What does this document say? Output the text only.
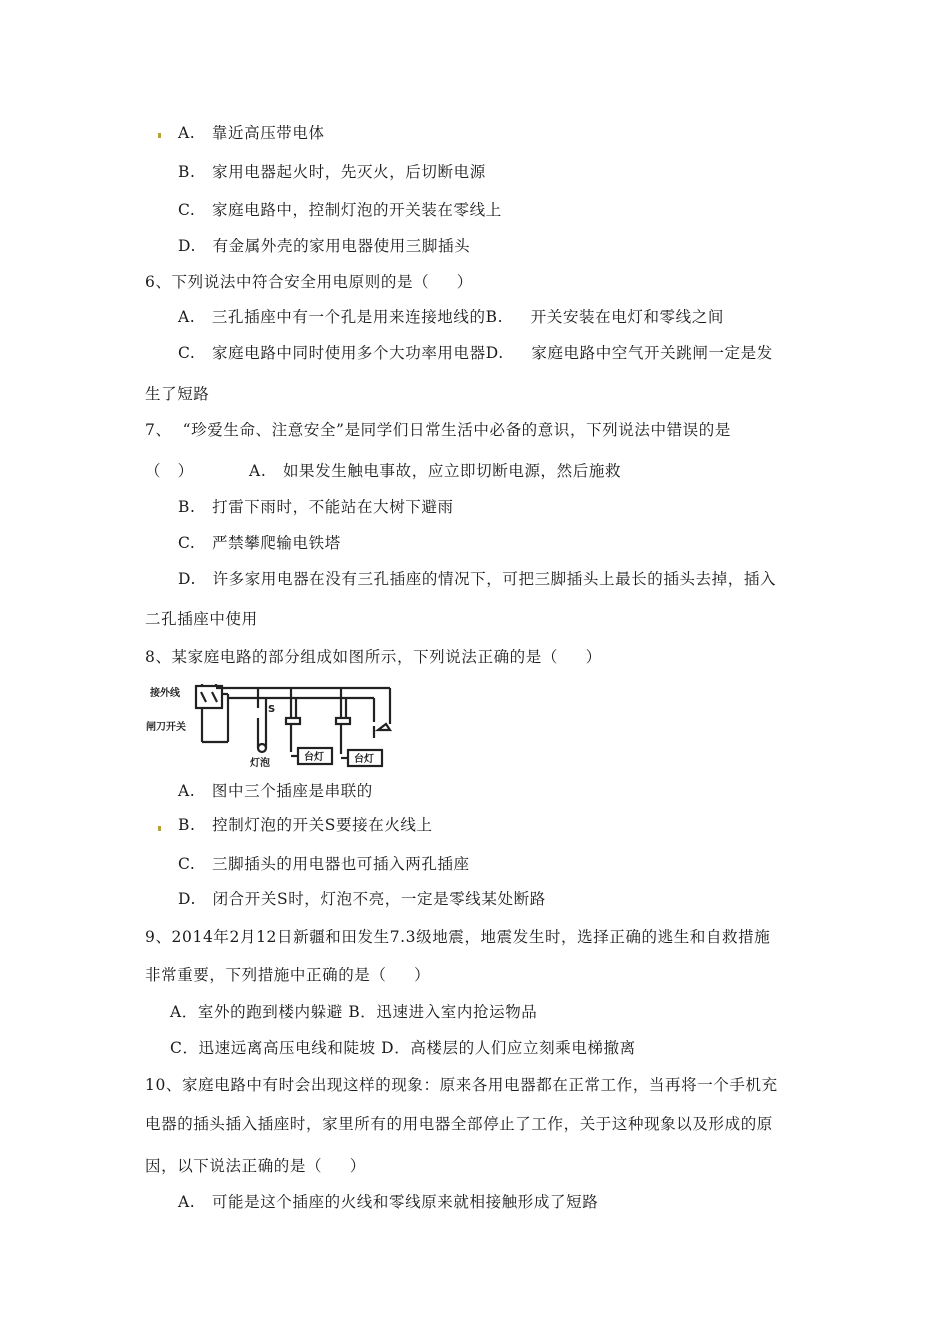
A.   靠近高压带电体
B.   家用电器起火时，先灭火，后切断电源
C.   家庭电路中，控制灯泡的开关装在零线上
D.   有金属外壳的家用电器使用三脚插头
6、下列说法中符合安全用电原则的是（     ）
A.   三孔插座中有一个孔是用来连接地线的B.     开关安装在电灯和零线之间
C.   家庭电路中同时使用多个大功率用电器D.     家庭电路中空气开关跳闸一定是发
生了短路
7、  “珍爱生命、注意安全”是同学们日常生活中必备的意识，下列说法中错误的是
（   ）          A.   如果发生触电事故，应立即切断电源，然后施救
B.   打雷下雨时，不能站在大树下避雨
C.   严禁攀爬输电铁塔
D.   许多家用电器在没有三孔插座的情况下，可把三脚插头上最长的插头去掉，插入
二孔插座中使用
8、某家庭电路的部分组成如图所示，下列说法正确的是（     ）
接外线
闸刀开关
S
灯泡
台灯	台灯
A.   图中三个插座是串联的
B.   控制灯泡的开关S要接在火线上
C.   三脚插头的用电器也可插入两孔插座
D.   闭合开关S时，灯泡不亮，一定是零线某处断路
9、2014年2月12日新疆和田发生7.3级地震，地震发生时，选择正确的逃生和自救措施
非常重要，下列措施中正确的是（     ）
A．室外的跑到楼内躲避 B．迅速进入室内抢运物品
C．迅速远离高压电线和陡坡 D．高楼层的人们应立刻乘电梯撤离
10、家庭电路中有时会出现这样的现象：原来各用电器都在正常工作，当再将一个手机充
电器的插头插入插座时，家里所有的用电器全部停止了工作，关于这种现象以及形成的原
因，以下说法正确的是（     ）
A.   可能是这个插座的火线和零线原来就相接触形成了短路
